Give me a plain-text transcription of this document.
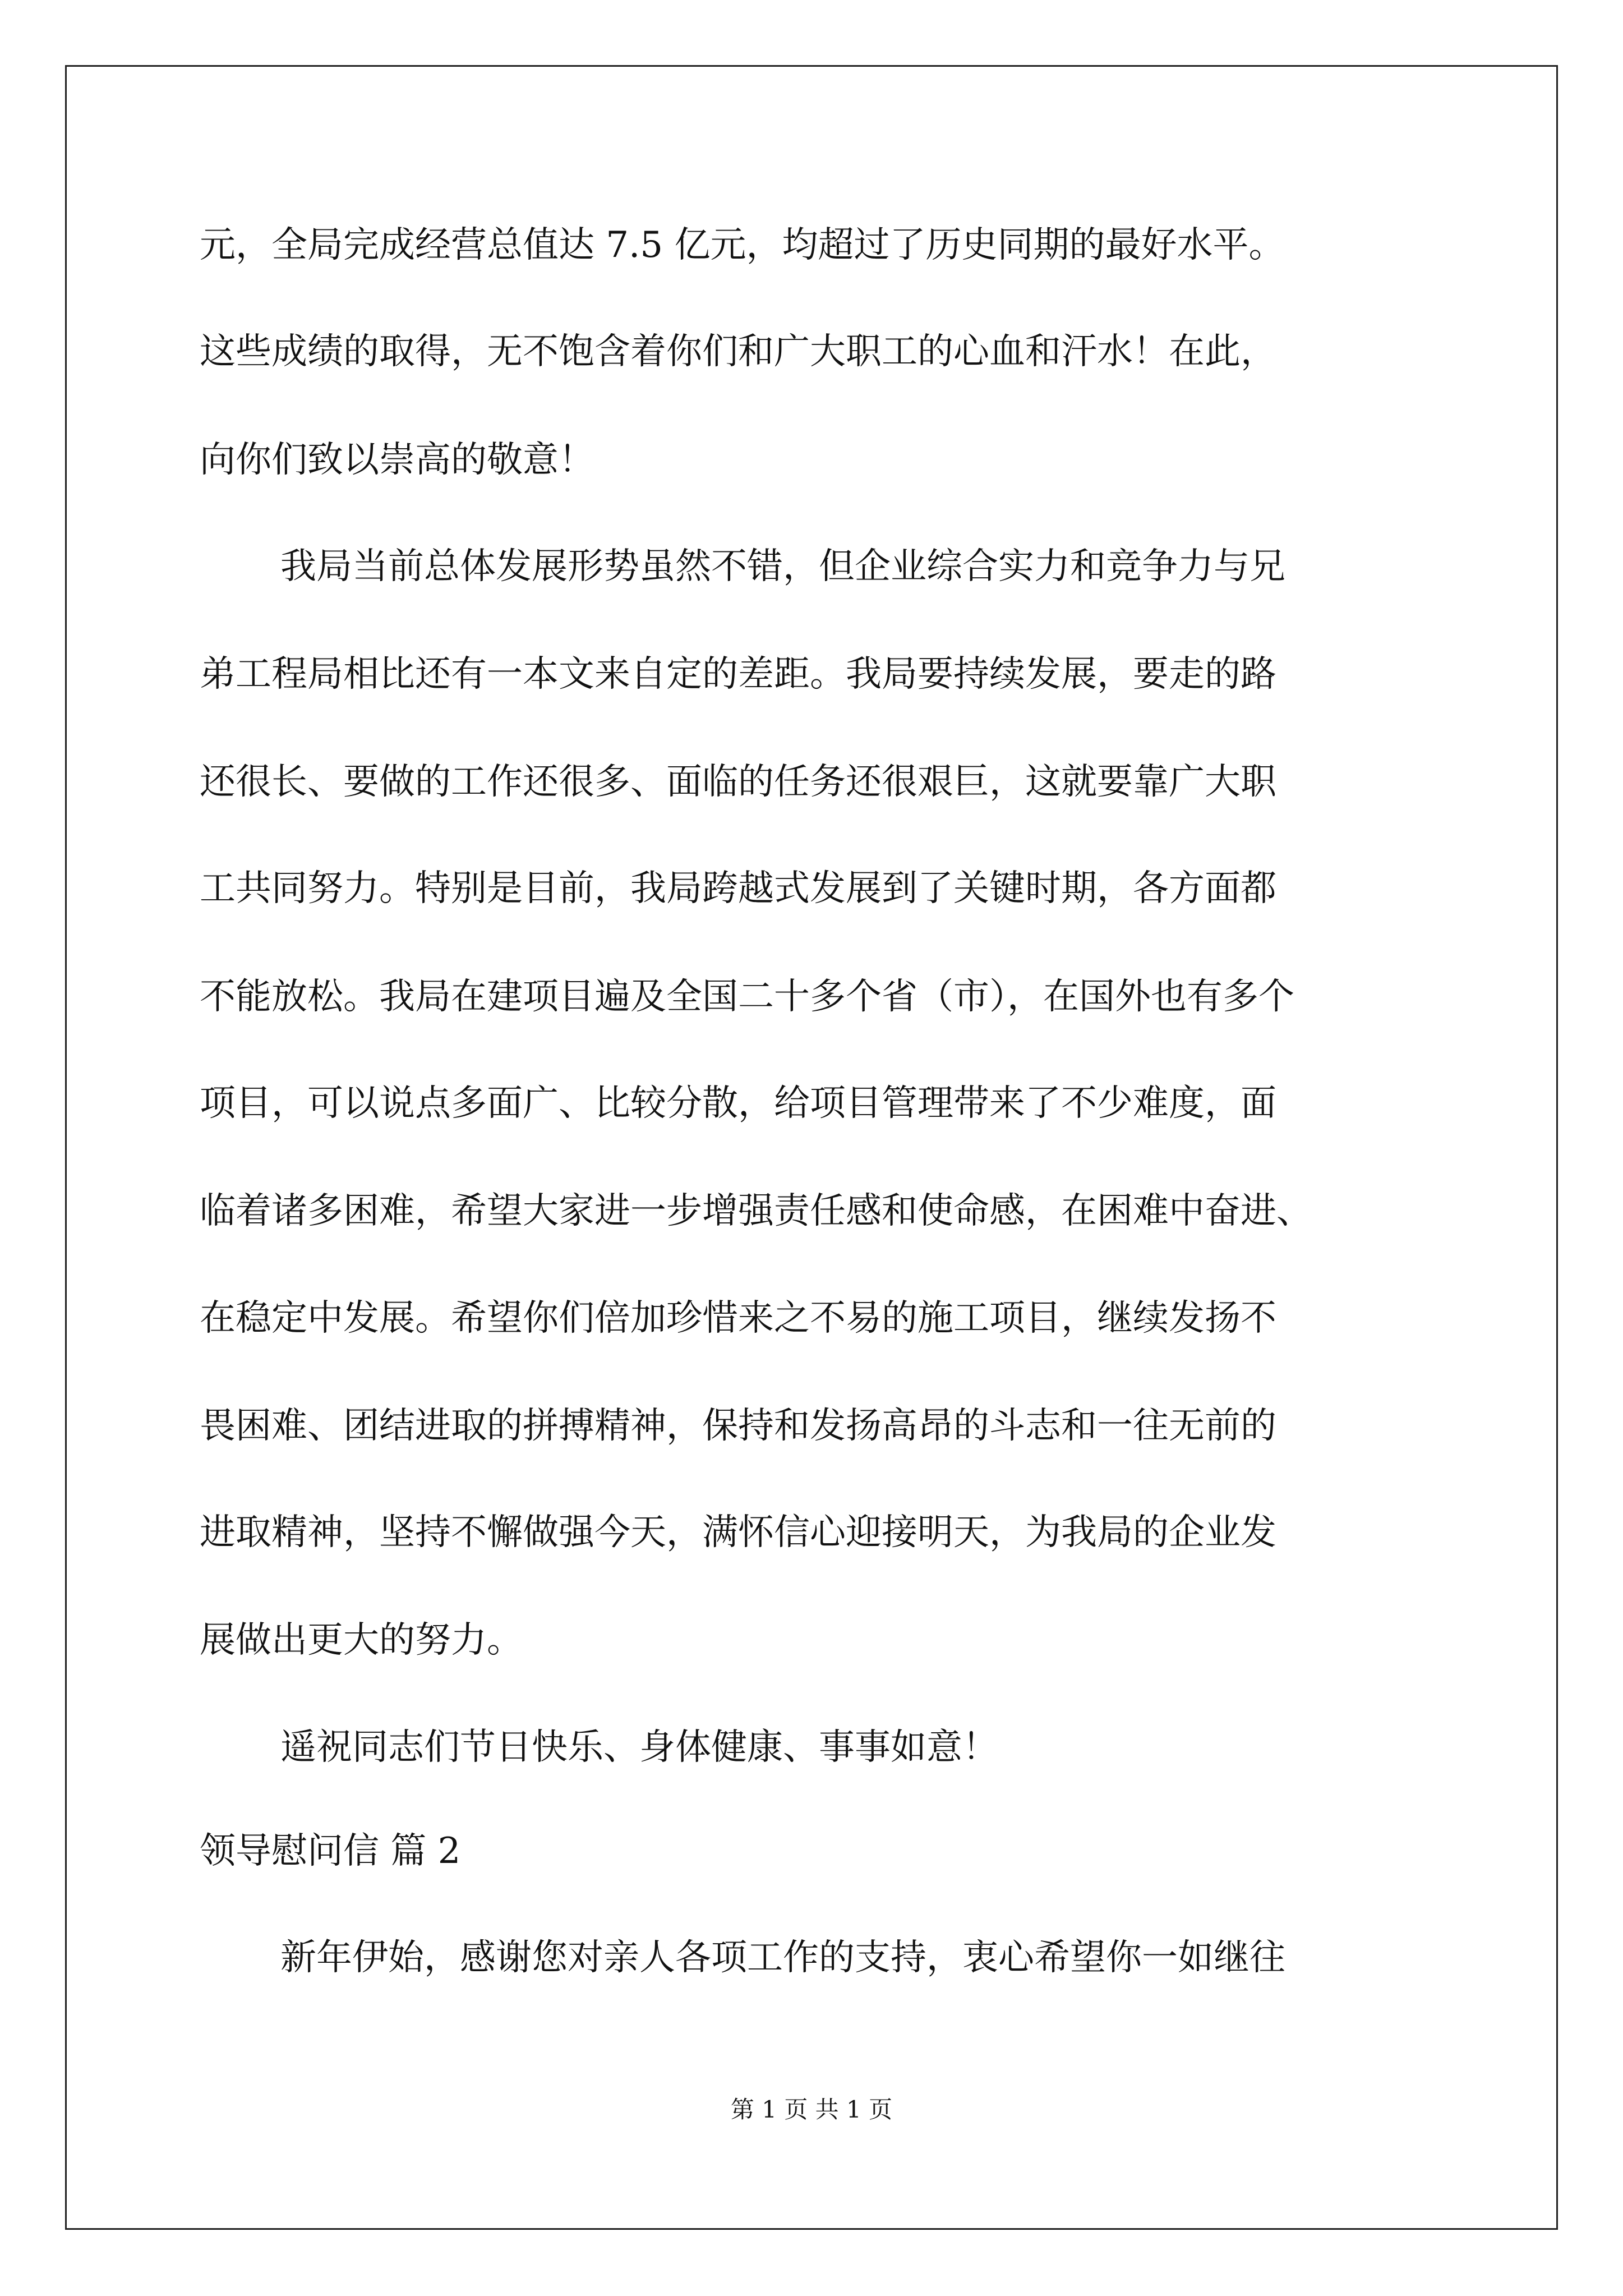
元，全局完成经营总值达 7.5 亿元，均超过了历史同期的最好水平。
这些成绩的取得，无不饱含着你们和广大职工的心血和汗水！在此，
向你们致以崇高的敬意！
我局当前总体发展形势虽然不错，但企业综合实力和竞争力与兄
弟工程局相比还有一本文来自定的差距。我局要持续发展，要走的路
还很长、要做的工作还很多、面临的任务还很艰巨，这就要靠广大职
工共同努力。特别是目前，我局跨越式发展到了关键时期，各方面都
不能放松。我局在建项目遍及全国二十多个省（市），在国外也有多个
项目，可以说点多面广、比较分散，给项目管理带来了不少难度，面
临着诸多困难，希望大家进一步增强责任感和使命感，在困难中奋进、
在稳定中发展。希望你们倍加珍惜来之不易的施工项目，继续发扬不
畏困难、团结进取的拼搏精神，保持和发扬高昂的斗志和一往无前的
进取精神，坚持不懈做强今天，满怀信心迎接明天，为我局的企业发
展做出更大的努力。
遥祝同志们节日快乐、身体健康、事事如意！
领导慰问信 篇 2
新年伊始，感谢您对亲人各项工作的支持，衷心希望你一如继往
第 1 页 共 1 页
